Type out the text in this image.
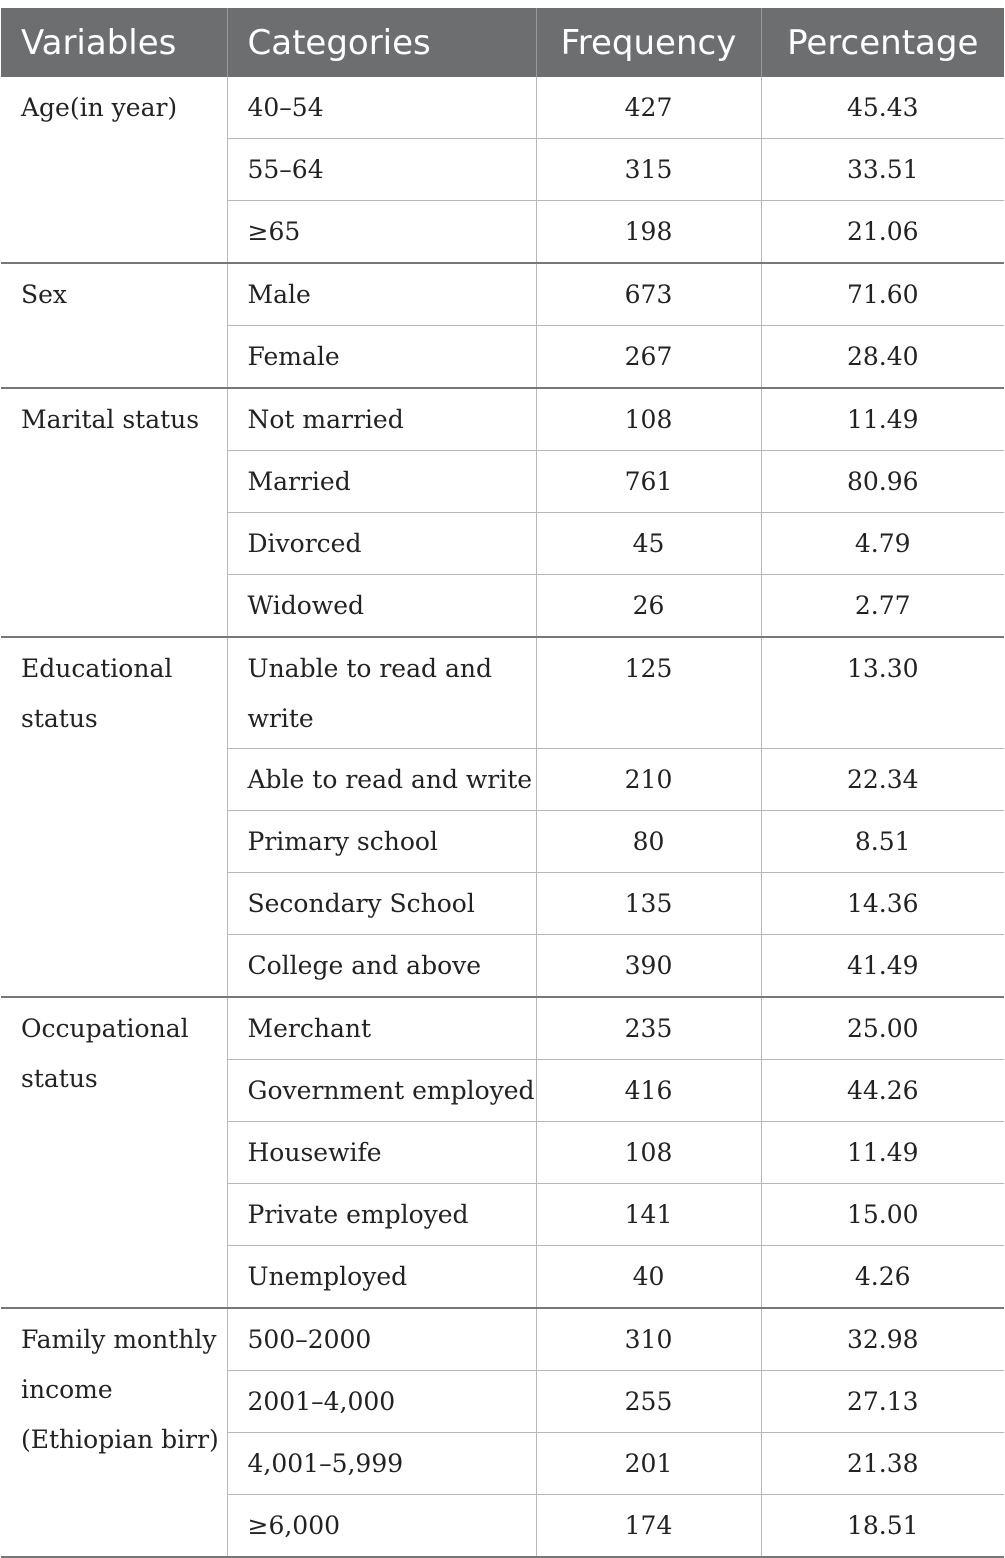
Variables	Categories	Frequency	Percentage
Age(in year)	40–54	427	45.43
	55–64	315	33.51
	≥65	198	21.06
Sex	Male	673	71.60
	Female	267	28.40
Marital status	Not married	108	11.49
	Married	761	80.96
	Divorced	45	4.79
	Widowed	26	2.77
Educational status	Unable to read and write	125	13.30
	Able to read and write	210	22.34
	Primary school	80	8.51
	Secondary School	135	14.36
	College and above	390	41.49
Occupational status	Merchant	235	25.00
	Government employed	416	44.26
	Housewife	108	11.49
	Private employed	141	15.00
	Unemployed	40	4.26
Family monthly income (Ethiopian birr)	500–2000	310	32.98
	2001–4,000	255	27.13
	4,001–5,999	201	21.38
	≥6,000	174	18.51
